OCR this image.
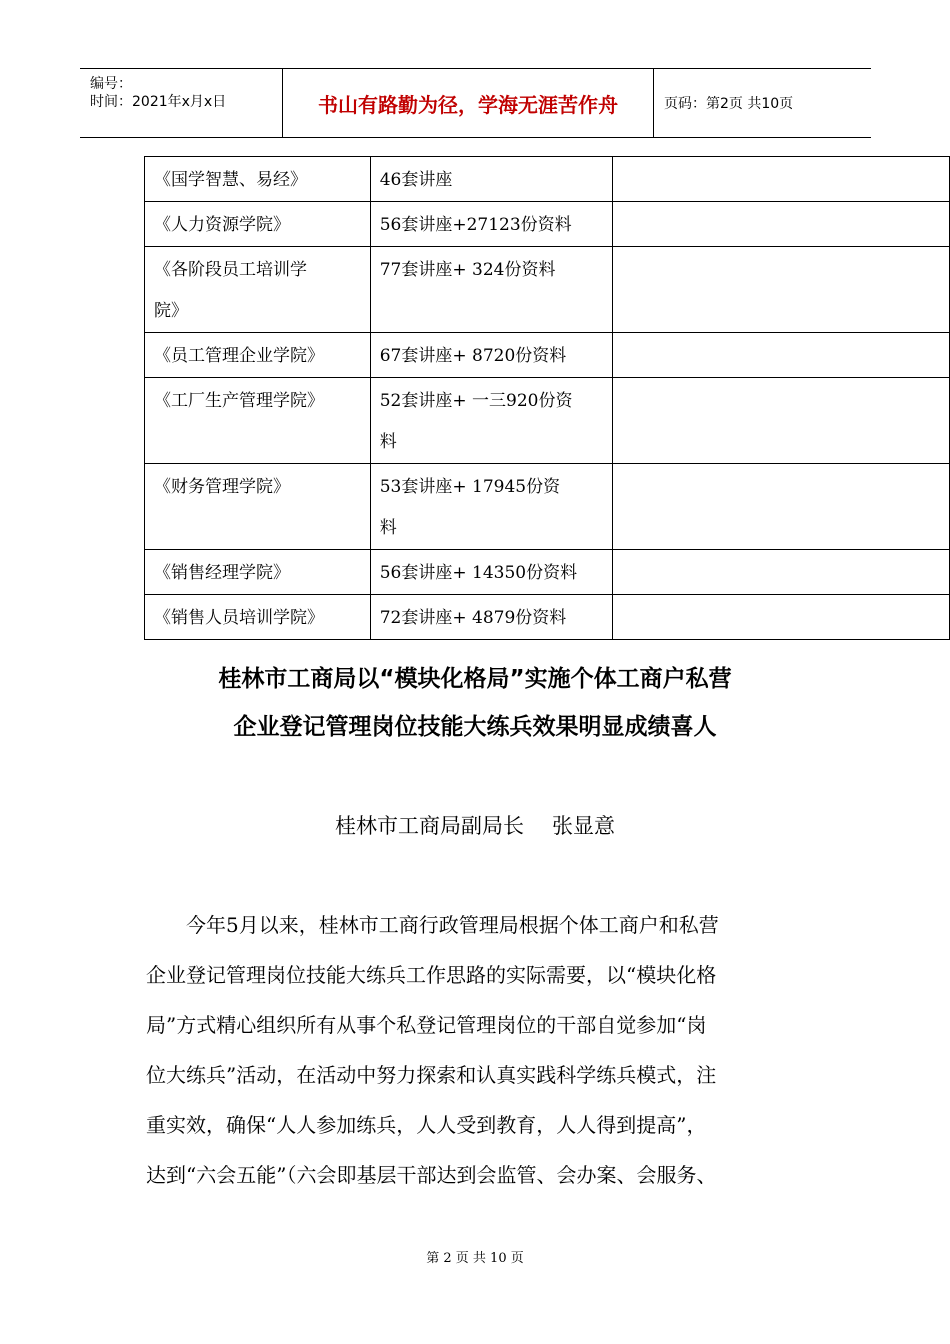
编号：
时间：2021年x月x日	书山有路勤为径，学海无涯苦作舟	页码：第2页 共10页
《国学智慧、易经》	46套讲座	

《人力资源学院》	56套讲座+27123份资料	

《各阶段员工培训学
院》	77套讲座+ 324份资料	

《员工管理企业学院》	67套讲座+ 8720份资料	

《工厂生产管理学院》	52套讲座+ 一三920份资
料	

《财务管理学院》	53套讲座+ 17945份资
料	

《销售经理学院》	56套讲座+ 14350份资料	

《销售人员培训学院》	72套讲座+ 4879份资料	

桂林市工商局以“模块化格局”实施个体工商户私营
企业登记管理岗位技能大练兵效果明显成绩喜人
桂林市工商局副局长 张显意
　　今年5月以来，桂林市工商行政管理局根据个体工商户和私营
企业登记管理岗位技能大练兵工作思路的实际需要，以“模块化格
局”方式精心组织所有从事个私登记管理岗位的干部自觉参加“岗
位大练兵”活动，在活动中努力探索和认真实践科学练兵模式，注
重实效，确保“人人参加练兵，人人受到教育，人人得到提高”，
达到“六会五能”（六会即基层干部达到会监管、会办案、会服务、
第 2 页 共 10 页
